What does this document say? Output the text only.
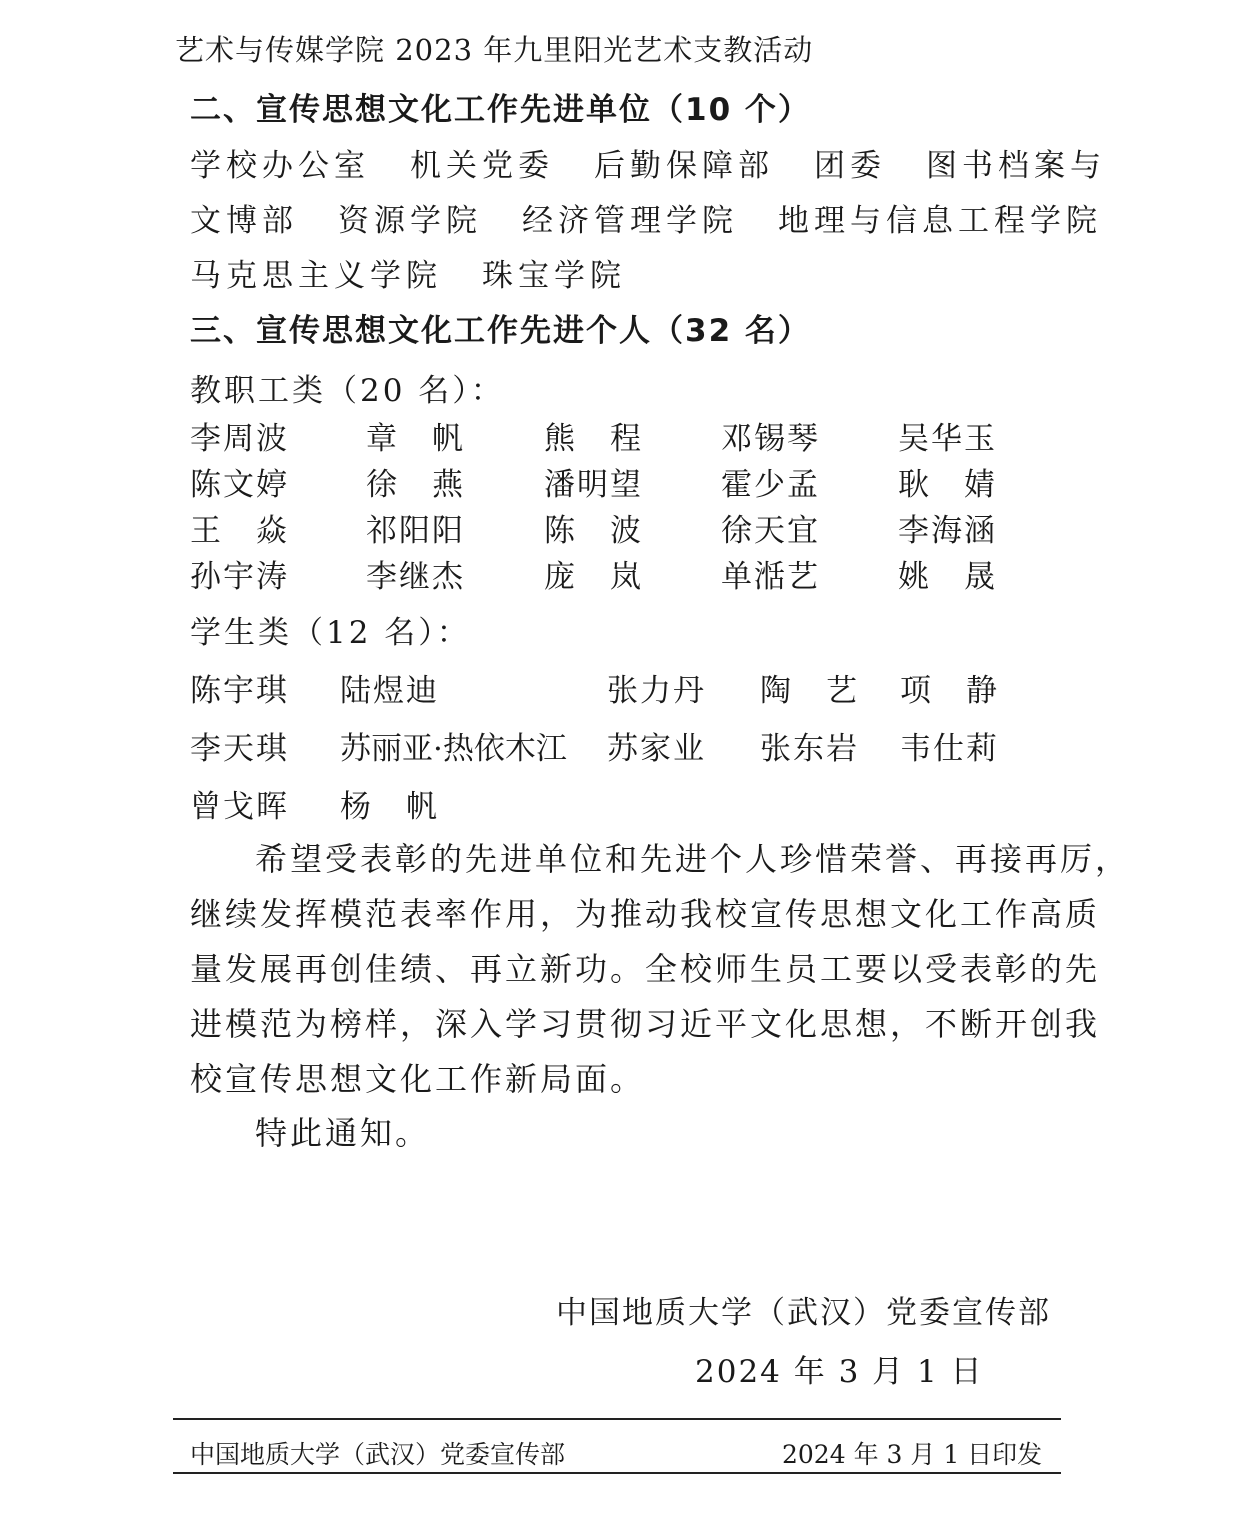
艺术与传媒学院 2023 年九里阳光艺术支教活动
二、宣传思想文化工作先进单位（10 个）
学校办公室 机关党委 后勤保障部 团委 图书档案与
文博部 资源学院 经济管理学院 地理与信息工程学院
马克思主义学院 珠宝学院
三、宣传思想文化工作先进个人（32 名）
教职工类（20 名）：
李周波 章　帆	熊　程	邓锡琴	吴华玉
陈文婷 徐　燕	潘明望	霍少孟	耿　婧
王　焱 祁阳阳	陈　波	徐天宜	李海涵
孙宇涛 李继杰	庞　岚	单湉艺	姚　晟
学生类（12 名）：
陈宇琪 陆煜迪	张力丹 陶　艺 项　静
李天琪 苏丽亚·热依木江 苏家业 张东岩 韦仕莉
曾戈晖 杨　帆
希望受表彰的先进单位和先进个人珍惜荣誉、再接再厉，
继续发挥模范表率作用，为推动我校宣传思想文化工作高质
量发展再创佳绩、再立新功。全校师生员工要以受表彰的先
进模范为榜样，深入学习贯彻习近平文化思想，不断开创我
校宣传思想文化工作新局面。
特此通知。
中国地质大学（武汉）党委宣传部
2024 年 3 月 1 日
中国地质大学（武汉）党委宣传部	2024 年 3 月 1 日印发
